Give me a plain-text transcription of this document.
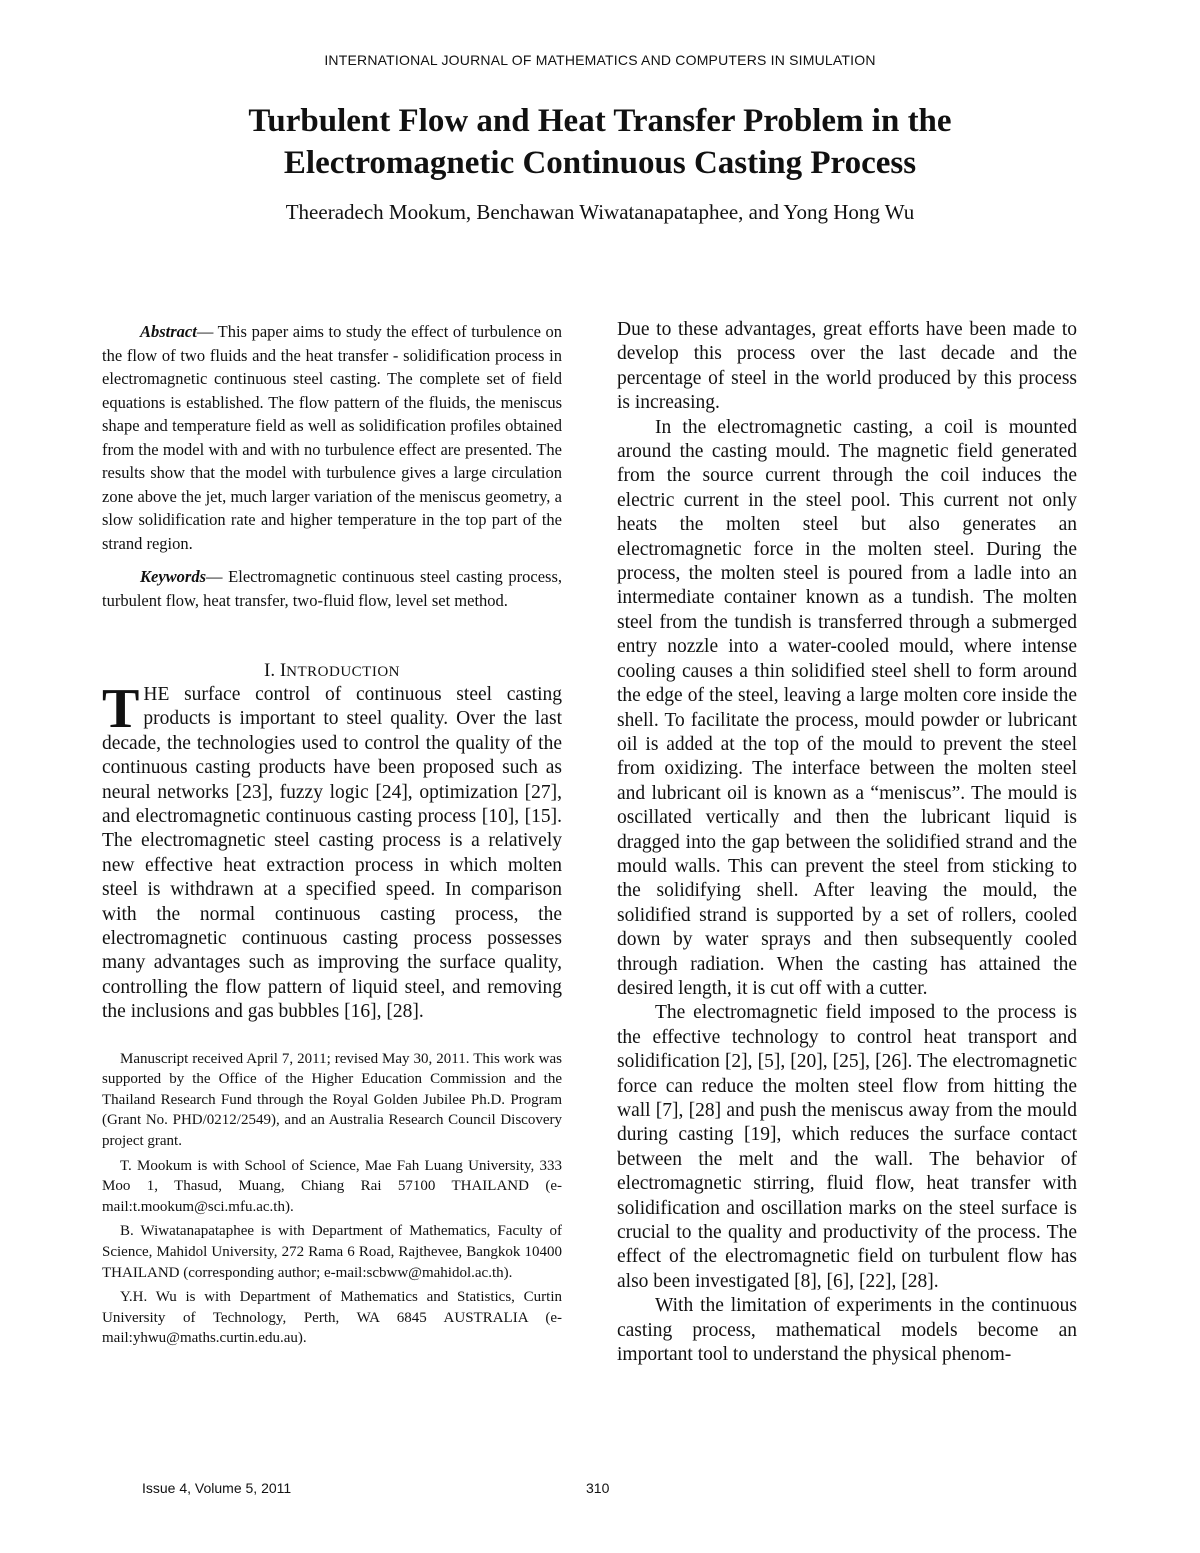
INTERNATIONAL JOURNAL OF MATHEMATICS AND COMPUTERS IN SIMULATION
Turbulent Flow and Heat Transfer Problem in the
Electromagnetic Continuous Casting Process
Theeradech Mookum, Benchawan Wiwatanapataphee, and Yong Hong Wu

Abstract— This paper aims to study the effect of turbulence on the flow of two fluids and the heat transfer - solidification process in electromagnetic continuous steel casting. The complete set of field equations is established. The flow pattern of the fluids, the meniscus shape and temperature field as well as solidification profiles obtained from the model with and with no turbulence effect are presented. The results show that the model with turbulence gives a large circulation zone above the jet, much larger variation of the meniscus geometry, a slow solidification rate and higher temperature in the top part of the strand region.

Keywords— Electromagnetic continuous steel casting process, turbulent flow, heat transfer, two-fluid flow, level set method.

I. INTRODUCTION

THE surface control of continuous steel casting products is important to steel quality. Over the last decade, the technologies used to control the quality of the continuous casting products have been proposed such as neural networks [23], fuzzy logic [24], optimization [27], and electromagnetic continuous casting process [10], [15]. The electromagnetic steel casting process is a relatively new effective heat extraction process in which molten steel is withdrawn at a specified speed. In comparison with the normal continuous casting process, the electromagnetic continuous casting process possesses many advantages such as improving the surface quality, controlling the flow pattern of liquid steel, and removing the inclusions and gas bubbles [16], [28].

Manuscript received April 7, 2011; revised May 30, 2011. This work was supported by the Office of the Higher Education Commission and the Thailand Research Fund through the Royal Golden Jubilee Ph.D. Program (Grant No. PHD/0212/2549), and an Australia Research Council Discovery project grant.

T. Mookum is with School of Science, Mae Fah Luang University, 333 Moo 1, Thasud, Muang, Chiang Rai 57100 THAILAND (e-mail:t.mookum@sci.mfu.ac.th).

B. Wiwatanapataphee is with Department of Mathematics, Faculty of Science, Mahidol University, 272 Rama 6 Road, Rajthevee, Bangkok 10400 THAILAND (corresponding author; e-mail:scbww@mahidol.ac.th).

Y.H. Wu is with Department of Mathematics and Statistics, Curtin University of Technology, Perth, WA 6845 AUSTRALIA (e-mail:yhwu@maths.curtin.edu.au).

Due to these advantages, great efforts have been made to develop this process over the last decade and the percentage of steel in the world produced by this process is increasing.

In the electromagnetic casting, a coil is mounted around the casting mould. The magnetic field generated from the source current through the coil induces the electric current in the steel pool. This current not only heats the molten steel but also generates an electromagnetic force in the molten steel. During the process, the molten steel is poured from a ladle into an intermediate container known as a tundish. The molten steel from the tundish is transferred through a submerged entry nozzle into a water-cooled mould, where intense cooling causes a thin solidified steel shell to form around the edge of the steel, leaving a large molten core inside the shell. To facilitate the process, mould powder or lubricant oil is added at the top of the mould to prevent the steel from oxidizing. The interface between the molten steel and lubricant oil is known as a “meniscus”. The mould is oscillated vertically and then the lubricant liquid is dragged into the gap between the solidified strand and the mould walls. This can prevent the steel from sticking to the solidifying shell. After leaving the mould, the solidified strand is supported by a set of rollers, cooled down by water sprays and then subsequently cooled through radiation. When the casting has attained the desired length, it is cut off with a cutter.

The electromagnetic field imposed to the process is the effective technology to control heat transport and solidification [2], [5], [20], [25], [26]. The electromagnetic force can reduce the molten steel flow from hitting the wall [7], [28] and push the meniscus away from the mould during casting [19], which reduces the surface contact between the melt and the wall. The behavior of electromagnetic stirring, fluid flow, heat transfer with solidification and oscillation marks on the steel surface is crucial to the quality and productivity of the process. The effect of the electromagnetic field on turbulent flow has also been investigated [8], [6], [22], [28].

With the limitation of experiments in the continuous casting process, mathematical models become an important tool to understand the physical phenom-

Issue 4, Volume 5, 2011	310
